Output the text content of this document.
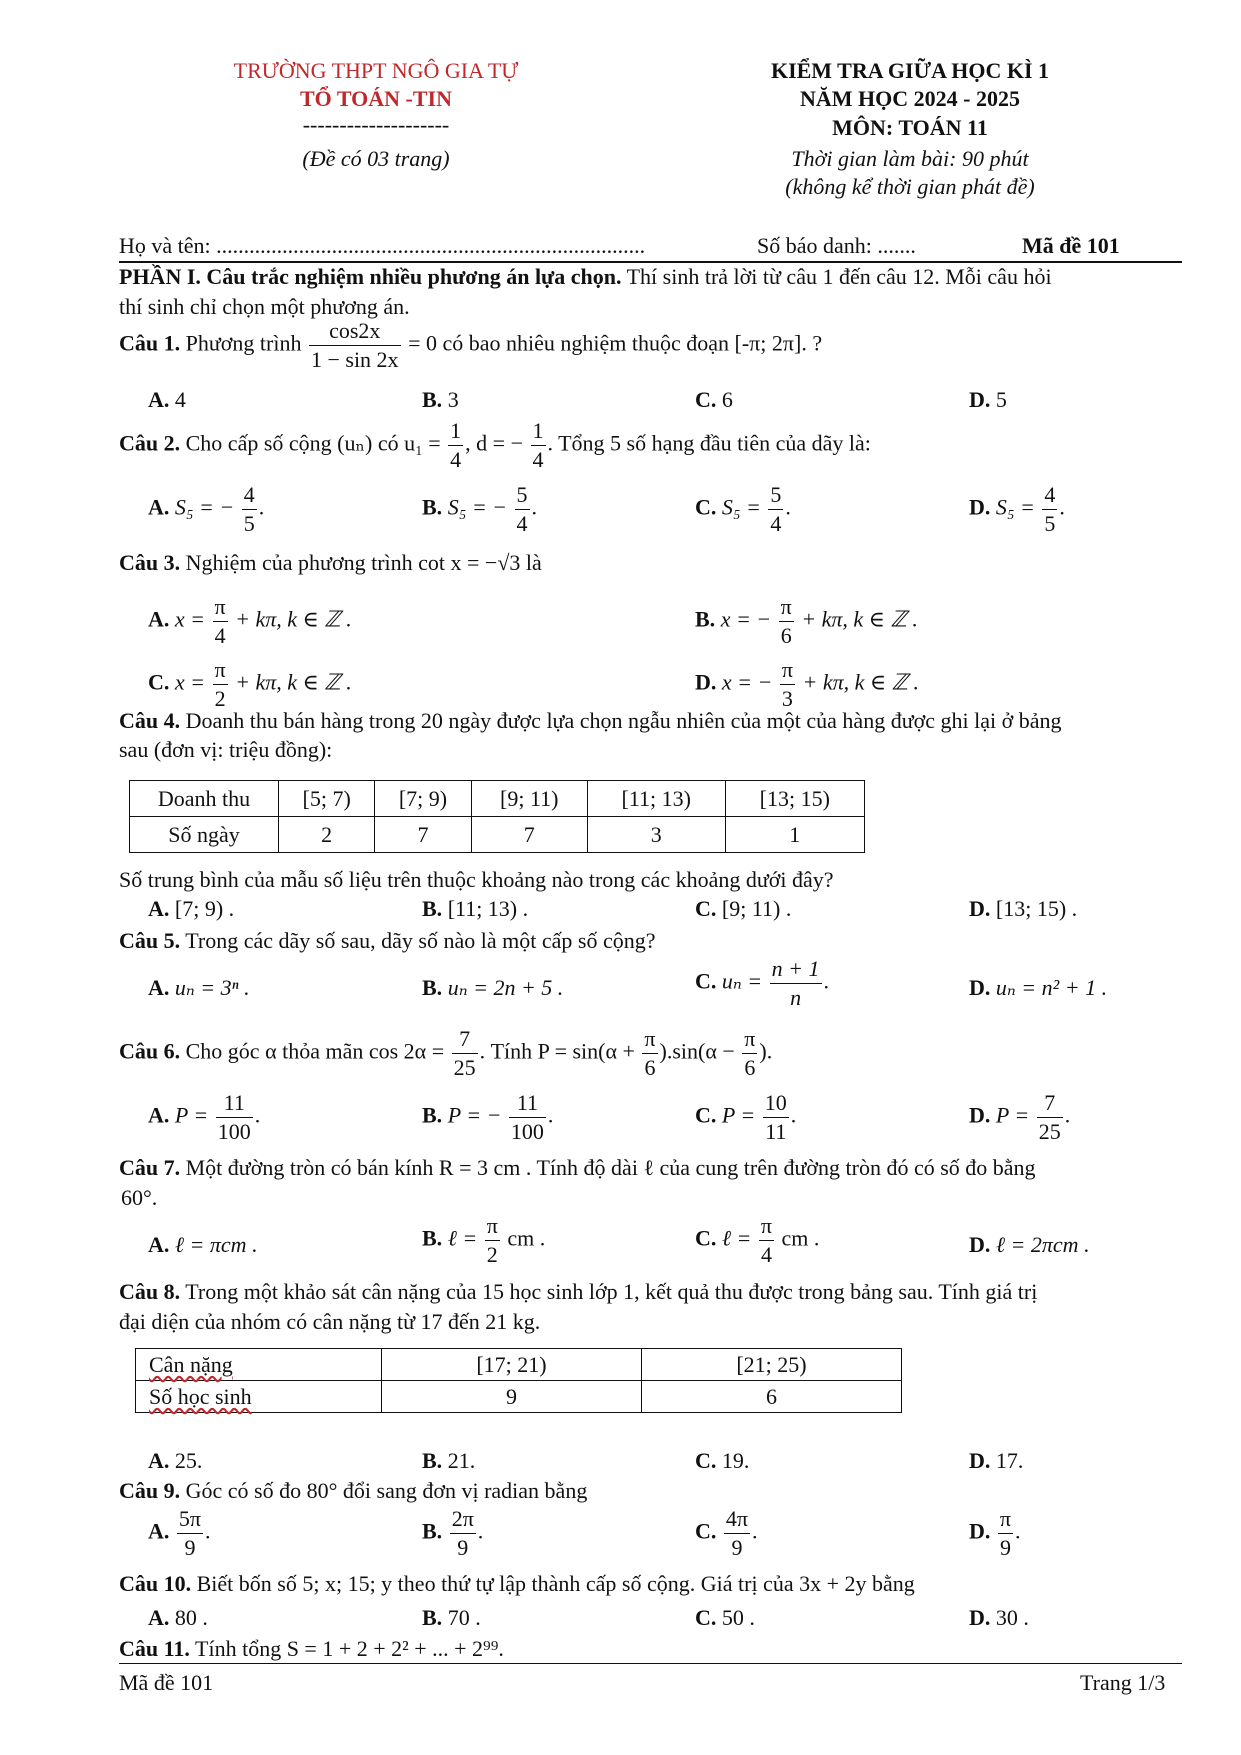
TRƯỜNG THPT NGÔ GIA TỰ
TỔ TOÁN -TIN
--------------------
(Đề có 03 trang)
KIỂM TRA GIỮA HỌC KÌ 1
NĂM HỌC 2024 - 2025
MÔN: TOÁN 11
Thời gian làm bài: 90 phút
(không kể thời gian phát đề)
Họ và tên: ..............................................................................	Số báo danh: .......	Mã đề 101
PHẦN I. Câu trắc nghiệm nhiều phương án lựa chọn. Thí sinh trả lời từ câu 1 đến câu 12. Mỗi câu hỏi
thí sinh chỉ chọn một phương án.
Câu 1. Phương trình $\frac{\cos 2x}{1 - \sin 2x} = 0$ có bao nhiêu nghiệm thuộc đoạn [-π; 2π]. ?
A. 4	B. 3	C. 6	D. 5
Câu 2. Cho cấp số cộng (uₙ) có $u_1 = \frac{1}{4}$ , d = − $\frac{1}{4}$ . Tổng 5 số hạng đầu tiên của dãy là:
A. S₅ = − $\frac{4}{5}$ .	B. S₅ = − $\frac{5}{4}$ .	C. $S_5 = \frac{5}{4}$ .	D. $S_5 = \frac{4}{5}$ .
Câu 3. Nghiệm của phương trình cot x = −√3 là
A. $x = \frac{\pi}{4} + k\pi$, k ∈ ℤ .	B. x = − $\frac{\pi}{6} + k\pi$, k ∈ ℤ .
C. $x = \frac{\pi}{2} + k\pi$, k ∈ ℤ .	D. x = − $\frac{\pi}{3} + k\pi$, k ∈ ℤ .
Câu 4. Doanh thu bán hàng trong 20 ngày được lựa chọn ngẫu nhiên của một của hàng được ghi lại ở bảng
sau (đơn vị: triệu đồng):
Doanh thu	[5; 7)	[7; 9)	[9; 11)	[11; 13)	[13; 15)
Số ngày	2	7	7	3	1
Số trung bình của mẫu số liệu trên thuộc khoảng nào trong các khoảng dưới đây?
A. [7; 9) .	B. [11; 13) .	C. [9; 11) .	D. [13; 15) .
Câu 5. Trong các dãy số sau, dãy số nào là một cấp số cộng?
A. uₙ = 3ⁿ .	B. uₙ = 2n + 5 .	C. $u_n = \frac{n + 1}{n}$ .	D. uₙ = n² + 1 .
Câu 6. Cho góc α thỏa mãn $\cos 2\alpha = \frac{7}{25}$ . Tính $P = \sin(\alpha + \frac{\pi}{6} ).\sin(\alpha - \frac{\pi}{6}$ ).
A. $P = \frac{11}{100}$ .	B. P = − $\frac{11}{100}$ .	C. $P = \frac{10}{11}$ .	D. $P = \frac{7}{25}$ .
Câu 7. Một đường tròn có bán kính R = 3 cm . Tính độ dài ℓ của cung trên đường tròn đó có số đo bằng
60°.
A. ℓ = πcm .	B. ℓ = $\frac{\pi}{2}$ cm .	C. ℓ = $\frac{\pi}{4}$ cm .	D. ℓ = 2πcm .
Câu 8. Trong một khảo sát cân nặng của 15 học sinh lớp 1, kết quả thu được trong bảng sau. Tính giá trị
đại diện của nhóm có cân nặng từ 17 đến 21 kg.
Cân nặng	[17; 21)	[21; 25)
Số học sinh	9	6
A. 25.	B. 21.	C. 19.	D. 17.
Câu 9. Góc có số đo 80° đổi sang đơn vị radian bằng
A. $\frac{5\pi}{9}$ .	B. $\frac{2\pi}{9}$ .	C. $\frac{4\pi}{9}$ .	D. $\frac{\pi}{9}$ .
Câu 10. Biết bốn số 5; x; 15; y theo thứ tự lập thành cấp số cộng. Giá trị của 3x + 2y bằng
A. 80 .	B. 70 .	C. 50 .	D. 30 .
Câu 11. Tính tổng S = 1 + 2 + 2² + ... + 2⁹⁹.
Mã đề 101	Trang 1/3
